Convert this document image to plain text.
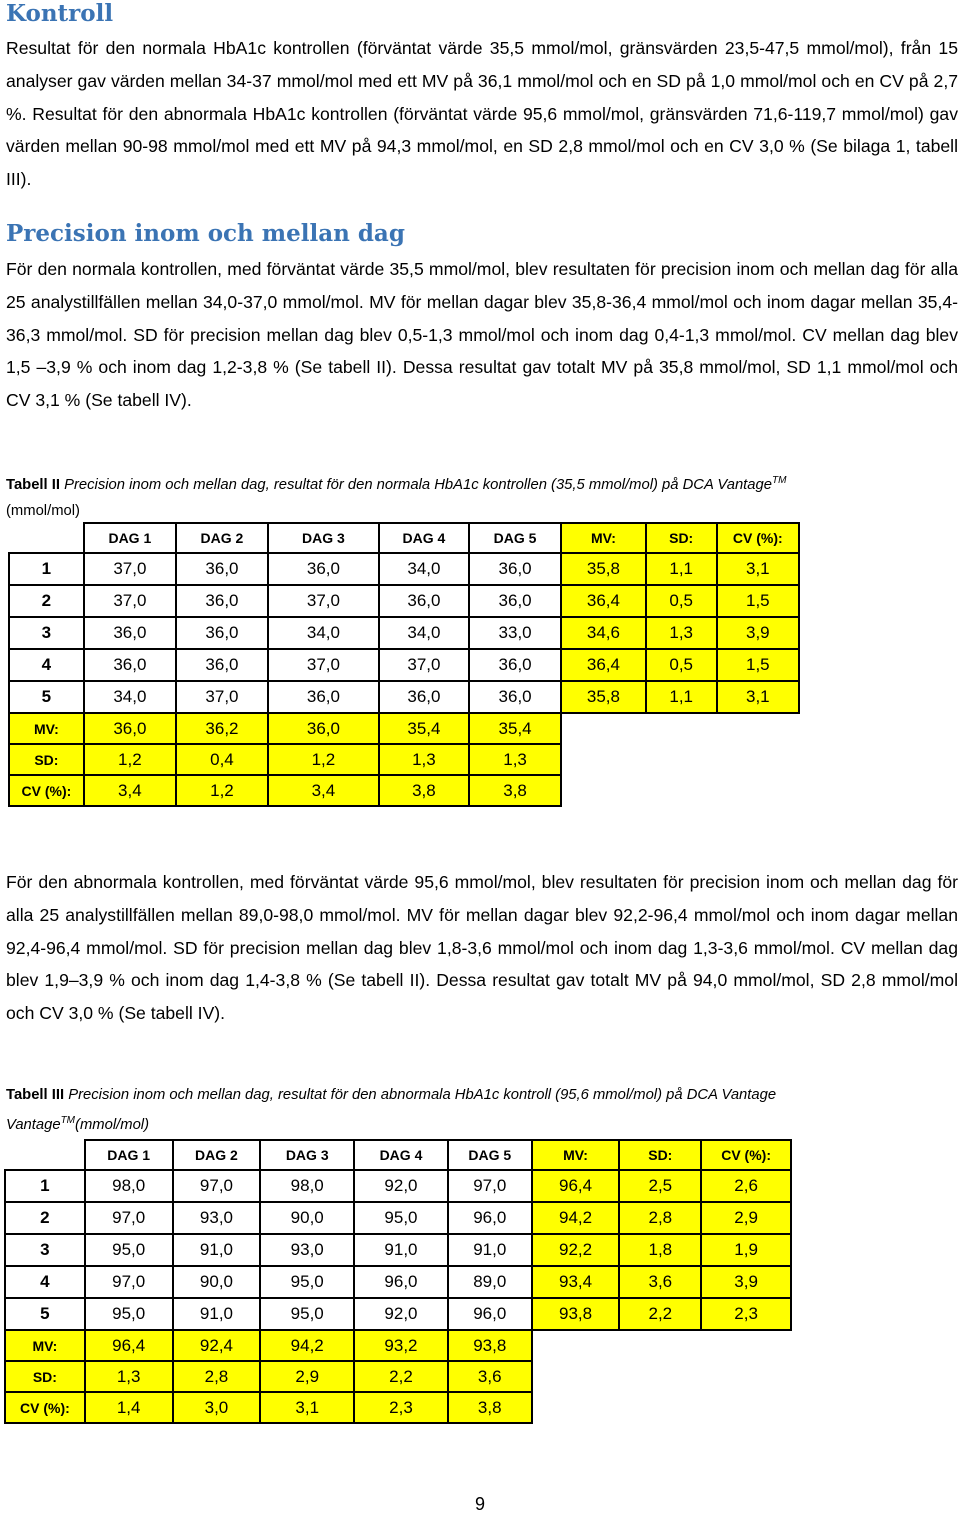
Kontroll

Resultat för den normala HbA1c kontrollen (förväntat värde 35,5 mmol/mol, gränsvärden 23,5-47,5 mmol/mol), från 15 analyser gav värden mellan 34-37 mmol/mol med ett MV på 36,1 mmol/mol och en SD på 1,0 mmol/mol och en CV på 2,7 %. Resultat för den abnormala HbA1c kontrollen (förväntat värde 95,6 mmol/mol, gränsvärden 71,6-119,7 mmol/mol) gav värden mellan 90-98 mmol/mol med ett MV på 94,3 mmol/mol, en SD 2,8 mmol/mol och en CV 3,0 % (Se bilaga 1, tabell III).

Precision inom och mellan dag

För den normala kontrollen, med förväntat värde 35,5 mmol/mol, blev resultaten för precision inom och mellan dag för alla 25 analystillfällen mellan 34,0-37,0 mmol/mol. MV för mellan dagar blev 35,8-36,4 mmol/mol och inom dagar mellan 35,4-36,3 mmol/mol. SD för precision mellan dag blev 0,5-1,3 mmol/mol och inom dag 0,4-1,3 mmol/mol. CV mellan dag blev 1,5 –3,9 % och inom dag 1,2-3,8 % (Se tabell II). Dessa resultat gav totalt MV på 35,8 mmol/mol, SD 1,1 mmol/mol och CV 3,1 % (Se tabell IV).

Tabell II Precision inom och mellan dag, resultat för den normala HbA1c kontrollen (35,5 mmol/mol) på DCA Vantage™
(mmol/mol)

	DAG 1	DAG 2	DAG 3	DAG 4	DAG 5	MV:	SD:	CV (%):
1	37,0	36,0	36,0	34,0	36,0	35,8	1,1	3,1
2	37,0	36,0	37,0	36,0	36,0	36,4	0,5	1,5
3	36,0	36,0	34,0	34,0	33,0	34,6	1,3	3,9
4	36,0	36,0	37,0	37,0	36,0	36,4	0,5	1,5
5	34,0	37,0	36,0	36,0	36,0	35,8	1,1	3,1
MV:	36,0	36,2	36,0	35,4	35,4			
SD:	1,2	0,4	1,2	1,3	1,3			
CV (%):	3,4	1,2	3,4	3,8	3,8			

För den abnormala kontrollen, med förväntat värde 95,6 mmol/mol, blev resultaten för precision inom och mellan dag för alla 25 analystillfällen mellan 89,0-98,0 mmol/mol. MV för mellan dagar blev 92,2-96,4 mmol/mol och inom dagar mellan 92,4-96,4 mmol/mol. SD för precision mellan dag blev 1,8-3,6 mmol/mol och inom dag 1,3-3,6 mmol/mol. CV mellan dag blev 1,9–3,9 % och inom dag 1,4-3,8 % (Se tabell II). Dessa resultat gav totalt MV på 94,0 mmol/mol, SD 2,8 mmol/mol och CV 3,0 % (Se tabell IV).

Tabell III Precision inom och mellan dag, resultat för den abnormala HbA1c kontroll (95,6 mmol/mol) på DCA Vantage
Vantage™(mmol/mol)

	DAG 1	DAG 2	DAG 3	DAG 4	DAG 5	MV:	SD:	CV (%):
1	98,0	97,0	98,0	92,0	97,0	96,4	2,5	2,6
2	97,0	93,0	90,0	95,0	96,0	94,2	2,8	2,9
3	95,0	91,0	93,0	91,0	91,0	92,2	1,8	1,9
4	97,0	90,0	95,0	96,0	89,0	93,4	3,6	3,9
5	95,0	91,0	95,0	92,0	96,0	93,8	2,2	2,3
MV:	96,4	92,4	94,2	93,2	93,8			
SD:	1,3	2,8	2,9	2,2	3,6			
CV (%):	1,4	3,0	3,1	2,3	3,8			
9
